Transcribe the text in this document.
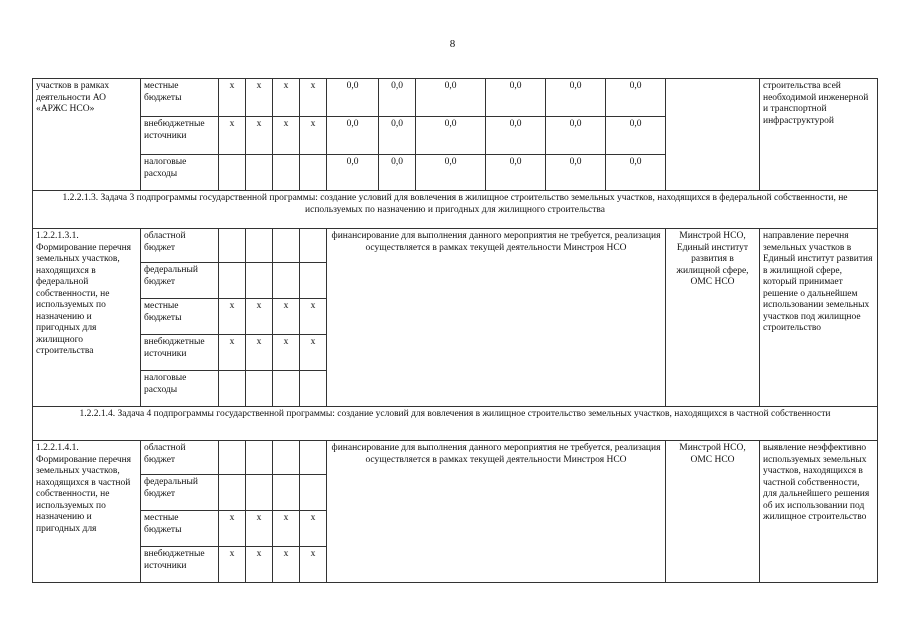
8
участков в рамках деятельности АО «АРЖС НСО»	местные бюджеты	х	х	х	х	0,0	0,0	0,0	0,0	0,0	0,0		строительства всей необходимой инженерной и транспортной инфраструктурой
	внебюджетные источники	х	х	х	х	0,0	0,0	0,0	0,0	0,0	0,0		
	налоговые расходы					0,0	0,0	0,0	0,0	0,0	0,0		
1.2.2.1.3. Задача 3 подпрограммы государственной программы: создание условий для вовлечения в жилищное строительство земельных участков, находящихся в федеральной собственности, не используемых по назначению и пригодных для жилищного строительства													
1.2.2.1.3.1. Формирование перечня земельных участков, находящихся в федеральной собственности, не используемых по назначению и пригодных для жилищного строительства	областной бюджет					финансирование для выполнения данного мероприятия не требуется, реализация осуществляется в рамках текущей деятельности Минстроя НСО						Минстрой НСО, Единый институт развития в жилищной сфере, ОМС НСО	направление перечня земельных участков в Единый институт развития в жилищной сфере, который принимает решение о дальнейшем использовании земельных участков под жилищное строительство
	федеральный бюджет												
	местные бюджеты	х	х	х	х								
	внебюджетные источники	х	х	х	х								
	налоговые расходы												
1.2.2.1.4. Задача 4 подпрограммы государственной программы: создание условий для вовлечения в жилищное строительство земельных участков, находящихся в частной собственности													
1.2.2.1.4.1. Формирование перечня земельных участков, находящихся в частной собственности, не используемых по назначению и пригодных для	областной бюджет					финансирование для выполнения данного мероприятия не требуется, реализация осуществляется в рамках текущей деятельности Минстроя НСО						Минстрой НСО, ОМС НСО	выявление неэффективно используемых земельных участков, находящихся в частной собственности, для дальнейшего решения об их использовании под жилищное строительство
	федеральный бюджет												
	местные бюджеты	х	х	х	х								
	внебюджетные источники	х	х	х	х								
